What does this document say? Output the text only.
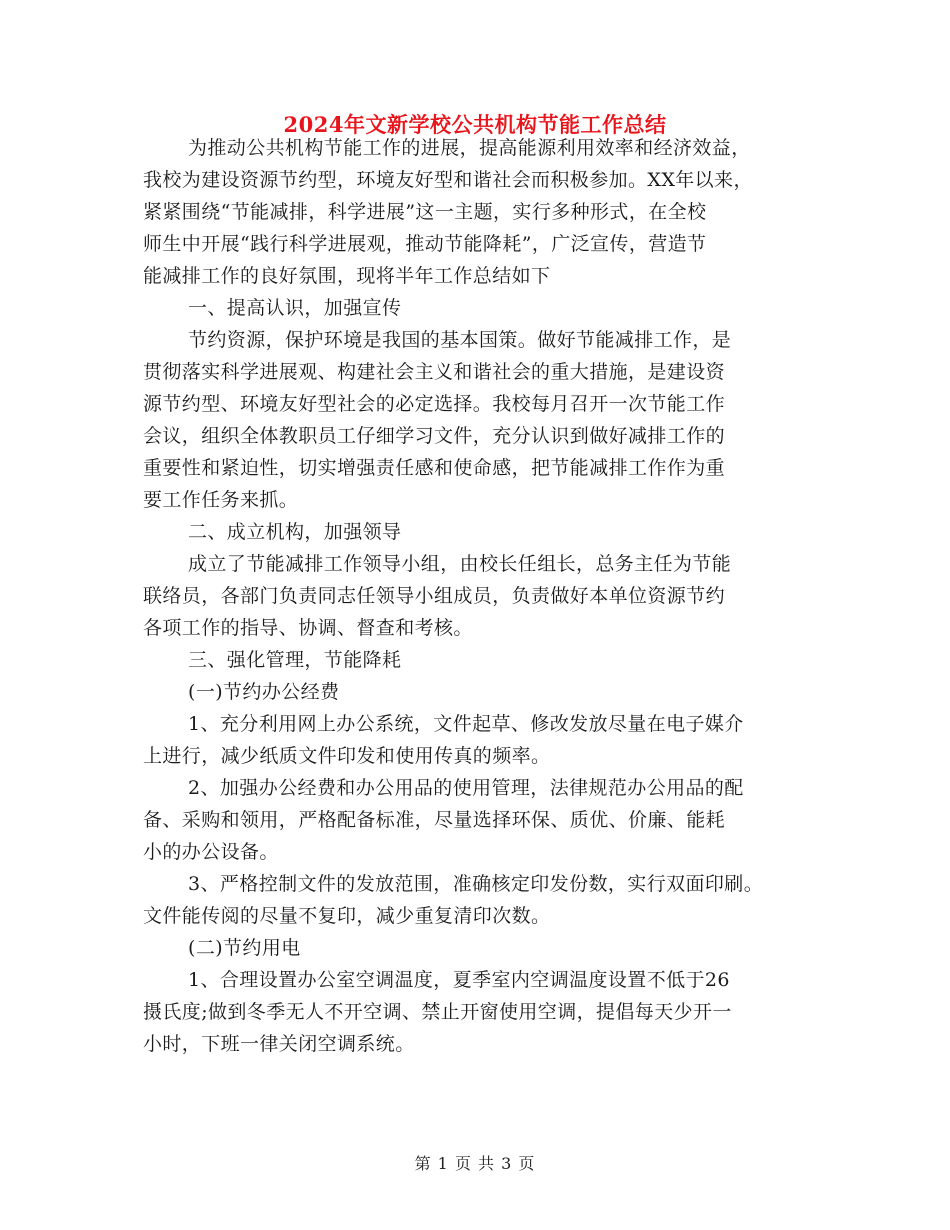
2024年文新学校公共机构节能工作总结
为推动公共机构节能工作的进展，提高能源利用效率和经济效益，
我校为建设资源节约型，环境友好型和谐社会而积极参加。XX年以来，
紧紧围绕“节能减排，科学进展”这一主题，实行多种形式，在全校
师生中开展“践行科学进展观，推动节能降耗”，广泛宣传，营造节
能减排工作的良好氛围，现将半年工作总结如下
一、提高认识，加强宣传
节约资源，保护环境是我国的基本国策。做好节能减排工作，是
贯彻落实科学进展观、构建社会主义和谐社会的重大措施，是建设资
源节约型、环境友好型社会的必定选择。我校每月召开一次节能工作
会议，组织全体教职员工仔细学习文件，充分认识到做好减排工作的
重要性和紧迫性，切实增强责任感和使命感，把节能减排工作作为重
要工作任务来抓。
二、成立机构，加强领导
成立了节能减排工作领导小组，由校长任组长，总务主任为节能
联络员，各部门负责同志任领导小组成员，负责做好本单位资源节约
各项工作的指导、协调、督查和考核。
三、强化管理，节能降耗
(一)节约办公经费
1、充分利用网上办公系统，文件起草、修改发放尽量在电子媒介
上进行，减少纸质文件印发和使用传真的频率。
2、加强办公经费和办公用品的使用管理，法律规范办公用品的配
备、采购和领用，严格配备标准，尽量选择环保、质优、价廉、能耗
小的办公设备。
3、严格控制文件的发放范围，准确核定印发份数，实行双面印刷。
文件能传阅的尽量不复印，减少重复清印次数。
(二)节约用电
1、合理设置办公室空调温度，夏季室内空调温度设置不低于26
摄氏度;做到冬季无人不开空调、禁止开窗使用空调，提倡每天少开一
小时，下班一律关闭空调系统。
第 1 页 共 3 页
